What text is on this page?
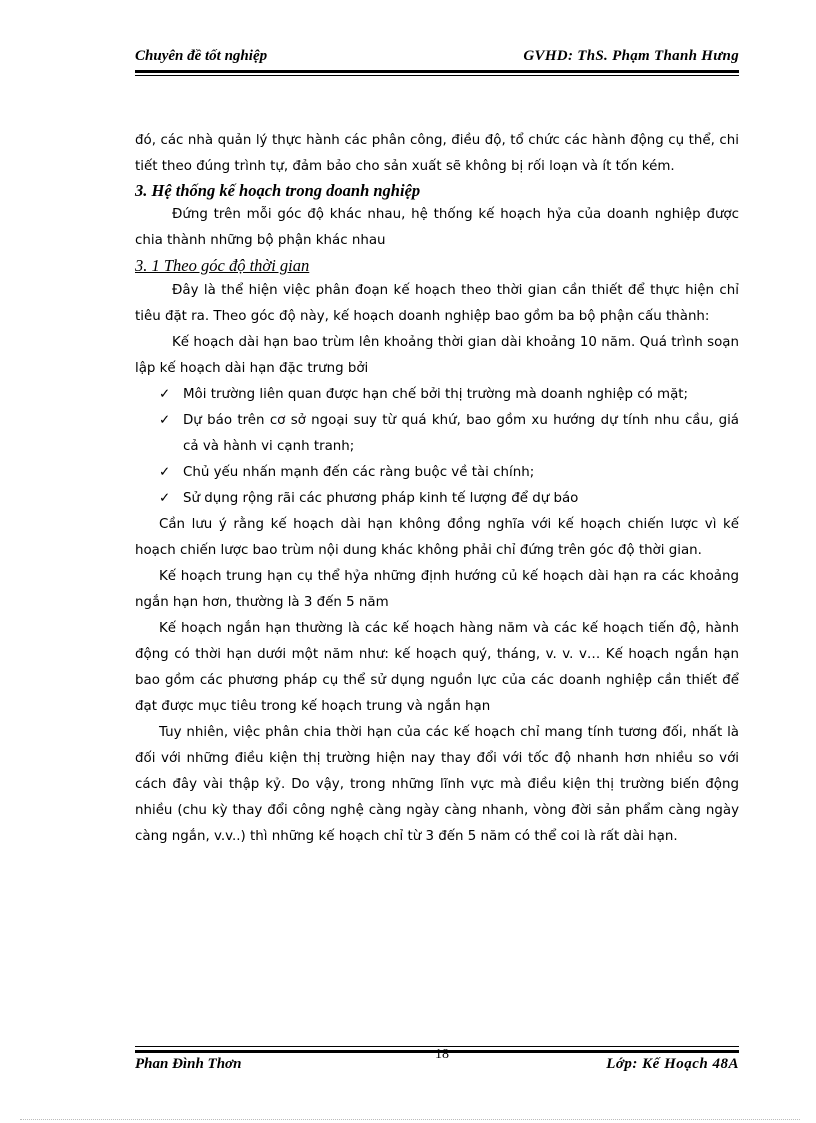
Chuyên đề tốt nghiệp	GVHD: ThS. Phạm Thanh Hưng

đó, các nhà quản lý thực hành các phân công, điều độ, tổ chức các hành động cụ thể, chi tiết theo đúng trình tự, đảm bảo cho sản xuất sẽ không bị rối loạn và ít tốn kém.

3. Hệ thống kế hoạch trong doanh nghiệp

Đứng trên mỗi góc độ khác nhau, hệ thống kế hoạch hỷa của doanh nghiệp được chia thành những bộ phận khác nhau

3. 1 Theo góc độ thời gian

Đây là thể hiện việc phân đoạn kế hoạch theo thời gian cần thiết để thực hiện chỉ tiêu đặt ra. Theo góc độ này, kế hoạch doanh nghiệp bao gồm ba bộ phận cấu thành:

Kế hoạch dài hạn bao trùm lên khoảng thời gian dài khoảng 10 năm. Quá trình soạn lập kế hoạch dài hạn đặc trưng bởi

✓ Môi trường liên quan được hạn chế bởi thị trường mà doanh nghiệp có mặt;
✓ Dự báo trên cơ sở ngoại suy từ quá khứ, bao gồm xu hướng dự tính nhu cầu, giá cả và hành vi cạnh tranh;
✓ Chủ yếu nhấn mạnh đến các ràng buộc về tài chính;
✓ Sử dụng rộng rãi các phương pháp kinh tế lượng để dự báo

Cần lưu ý rằng kế hoạch dài hạn không đồng nghĩa với kế hoạch chiến lược vì kế hoạch chiến lược bao trùm nội dung khác không phải chỉ đứng trên góc độ thời gian.

Kế hoạch trung hạn cụ thể hỷa những định hướng củ kế hoạch dài hạn ra các khoảng ngắn hạn hơn, thường là 3 đến 5 năm

Kế hoạch ngắn hạn thường là các kế hoạch hàng năm và các kế hoạch tiến độ, hành động có thời hạn dưới một năm như: kế hoạch quý, tháng, v. v. v… Kế hoạch ngắn hạn bao gồm các phương pháp cụ thể sử dụng nguồn lực của các doanh nghiệp cần thiết để đạt được mục tiêu trong kế hoạch trung và ngắn hạn

Tuy nhiên, việc phân chia thời hạn của các kế hoạch chỉ mang tính tương đối, nhất là đối với những điều kiện thị trường hiện nay thay đổi với tốc độ nhanh hơn nhiều so với cách đây vài thập kỷ. Do vậy, trong những lĩnh vực mà điều kiện thị trường biến động nhiều (chu kỳ thay đổi công nghệ càng ngày càng nhanh, vòng đời sản phẩm càng ngày càng ngắn, v.v..) thì những kế hoạch chỉ từ 3 đến 5 năm có thể coi là rất dài hạn.

Phan Đình Thơn
18
Lớp: Kế Hoạch 48A
